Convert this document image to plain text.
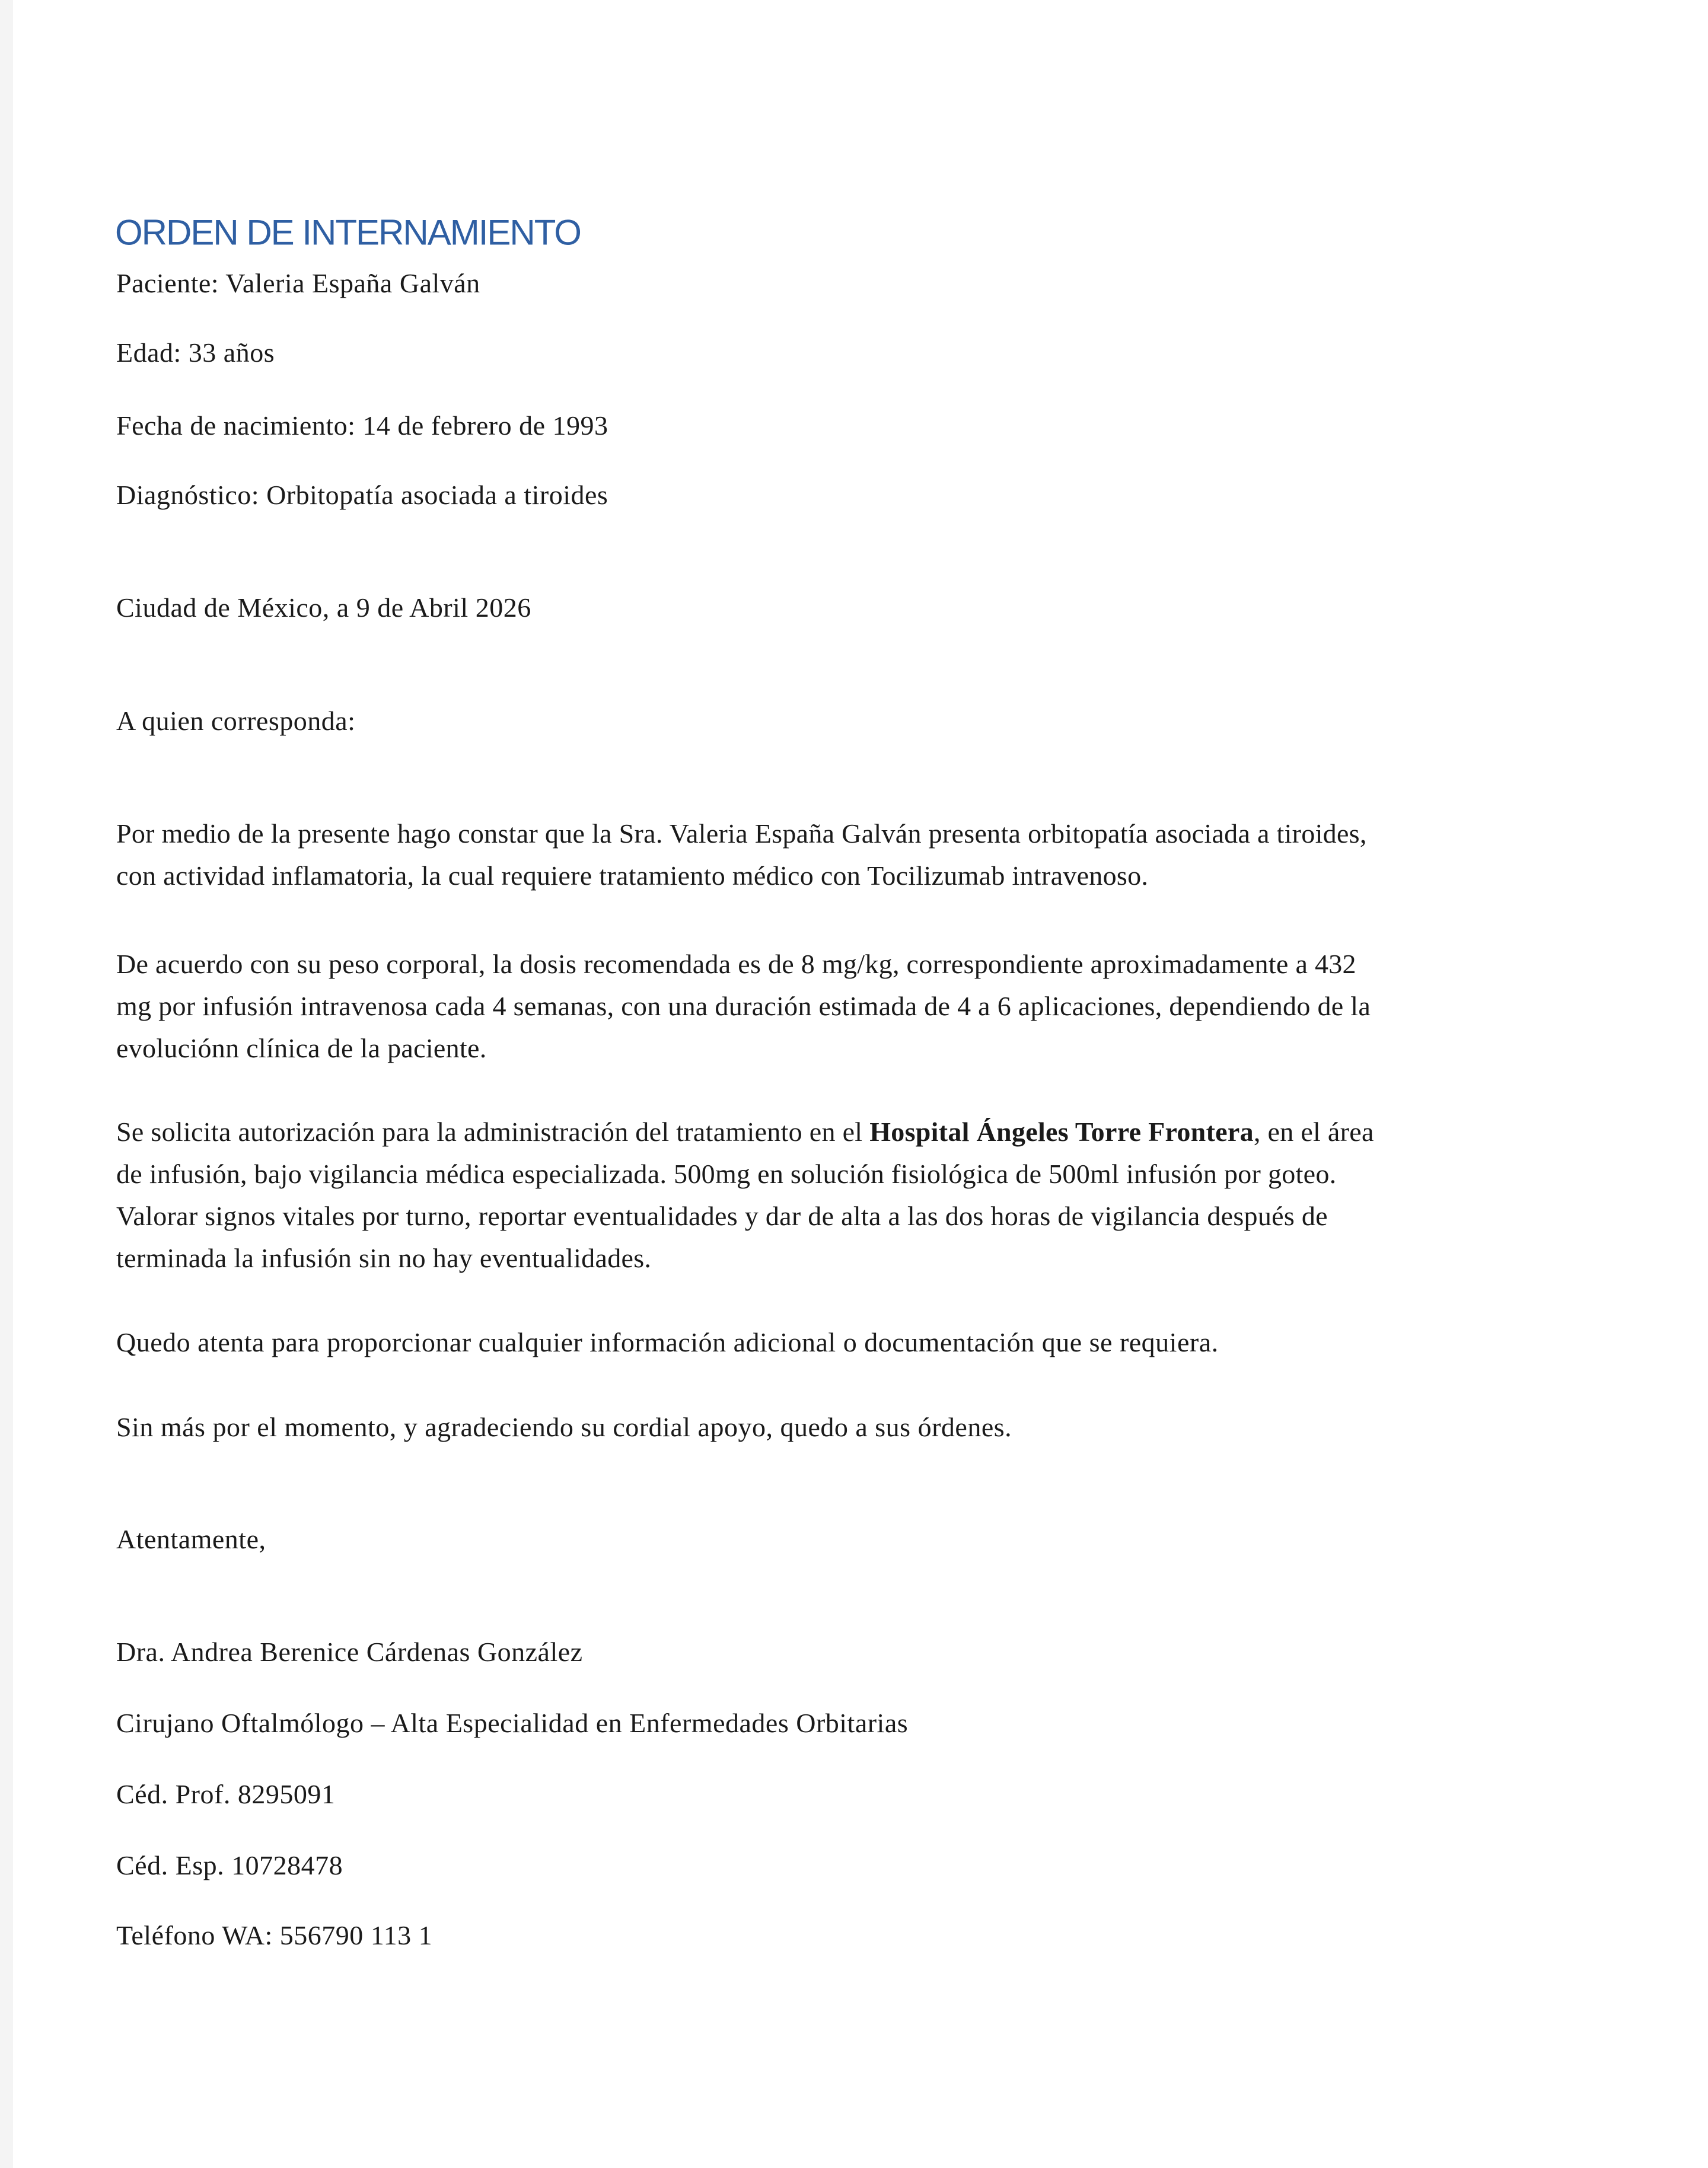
ORDEN DE INTERNAMIENTO
Paciente: Valeria España Galván
Edad: 33 años
Fecha de nacimiento: 14 de febrero de 1993
Diagnóstico: Orbitopatía asociada a tiroides
Ciudad de México, a 9 de Abril 2026
A quien corresponda:
Por medio de la presente hago constar que la Sra. Valeria España Galván presenta orbitopatía asociada a tiroides,
con actividad inflamatoria, la cual requiere tratamiento médico con Tocilizumab intravenoso.
De acuerdo con su peso corporal, la dosis recomendada es de 8 mg/kg, correspondiente aproximadamente a 432
mg por infusión intravenosa cada 4 semanas, con una duración estimada de 4 a 6 aplicaciones, dependiendo de la
evoluciónn clínica de la paciente.
Se solicita autorización para la administración del tratamiento en el Hospital Ángeles Torre Frontera, en el área
de infusión, bajo vigilancia médica especializada. 500mg en solución fisiológica de 500ml infusión por goteo.
Valorar signos vitales por turno, reportar eventualidades y dar de alta a las dos horas de vigilancia después de
terminada la infusión sin no hay eventualidades.
Quedo atenta para proporcionar cualquier información adicional o documentación que se requiera.
Sin más por el momento, y agradeciendo su cordial apoyo, quedo a sus órdenes.
Atentamente,
Dra. Andrea Berenice Cárdenas González
Cirujano Oftalmólogo – Alta Especialidad en Enfermedades Orbitarias
Céd. Prof. 8295091
Céd. Esp. 10728478
Teléfono WA: 556790 113 1
